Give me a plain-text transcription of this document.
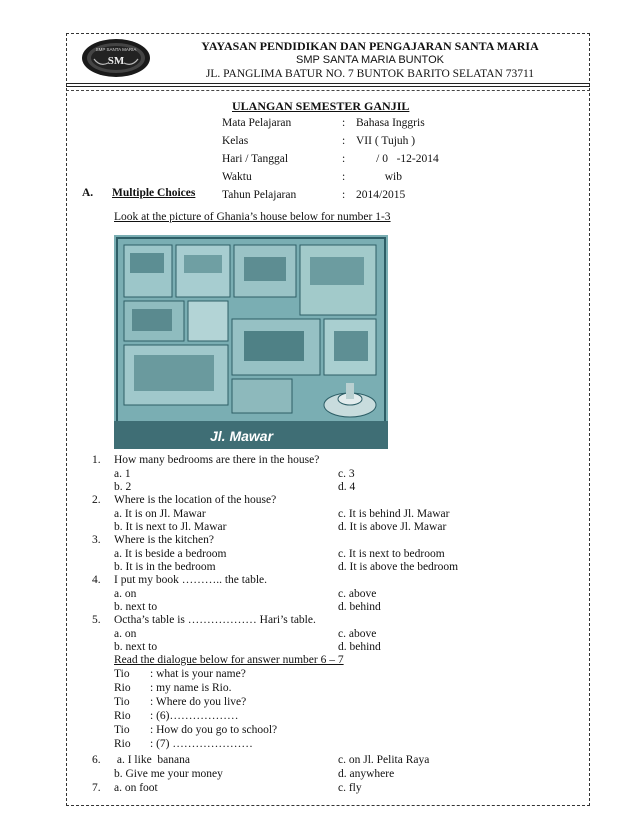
SMP SANTA MARIA
SM
YAYASAN PENDIDIKAN DAN PENGAJARAN SANTA MARIA
SMP SANTA MARIA BUNTOK
JL. PANGLIMA BATUR NO. 7 BUNTOK BARITO SELATAN 73711
ULANGAN SEMESTER GANJIL
Mata Pelajaran	: Bahasa Inggris
Kelas	: VII ( Tujuh )
Hari / Tanggal	: / 0   -12-2014
Waktu	: wib
Tahun Pelajaran	: 2014/2015
A. Multiple Choices
Look at the picture of Ghania’s house below for number 1-3
Jl. Mawar
1. How many bedrooms are there in the house?
a. 1	c. 3
b. 2	d. 4
2. Where is the location of the house?
a. It is on Jl. Mawar	c. It is behind Jl. Mawar
b. It is next to Jl. Mawar	d. It is above Jl. Mawar
3. Where is the kitchen?
a. It is beside a bedroom	c. It is next to bedroom
b. It is in the bedroom	d. It is above the bedroom
4. I put my book ……….. the table.
a. on	c. above
b. next to	d. behind
5. Octha’s table is ……………… Hari’s table.
a. on	c. above
b. next to	d. behind
Read the dialogue below for answer number 6 – 7
Tio : what is your name?
Rio : my name is Rio.
Tio : Where do you live?
Rio : (6)………………
Tio : How do you go to school?
Rio : (7) …………………
6. a. I like  banana	c. on Jl. Pelita Raya
b. Give me your money	d. anywhere
7. a. on foot	c. fly
